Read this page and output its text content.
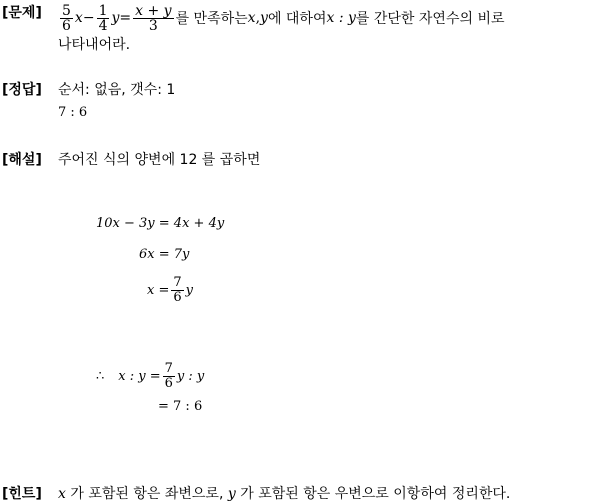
[문제] $\frac{5}{6}$ $x - \frac{1}{4}$ $y = \frac{x + y}{3}$ 를 만족하는 x , y 에 대하여 x : y 를 간단한 자연수의 비로
나타내어라.
[정답] 순서: 없음, 갯수: 1
7 : 6
[해설] 주어진 식의 양변에 12 를 곱하면
10x − 3y = 4x + 4y
6x = 7y
$x = \frac{7}{6}$ y
∴ x : $y = \frac{7}{6}$ y : y
= 7 : 6
[힌트] x 가 포함된 항은 좌변으로, y 가 포함된 항은 우변으로 이항하여 정리한다.
